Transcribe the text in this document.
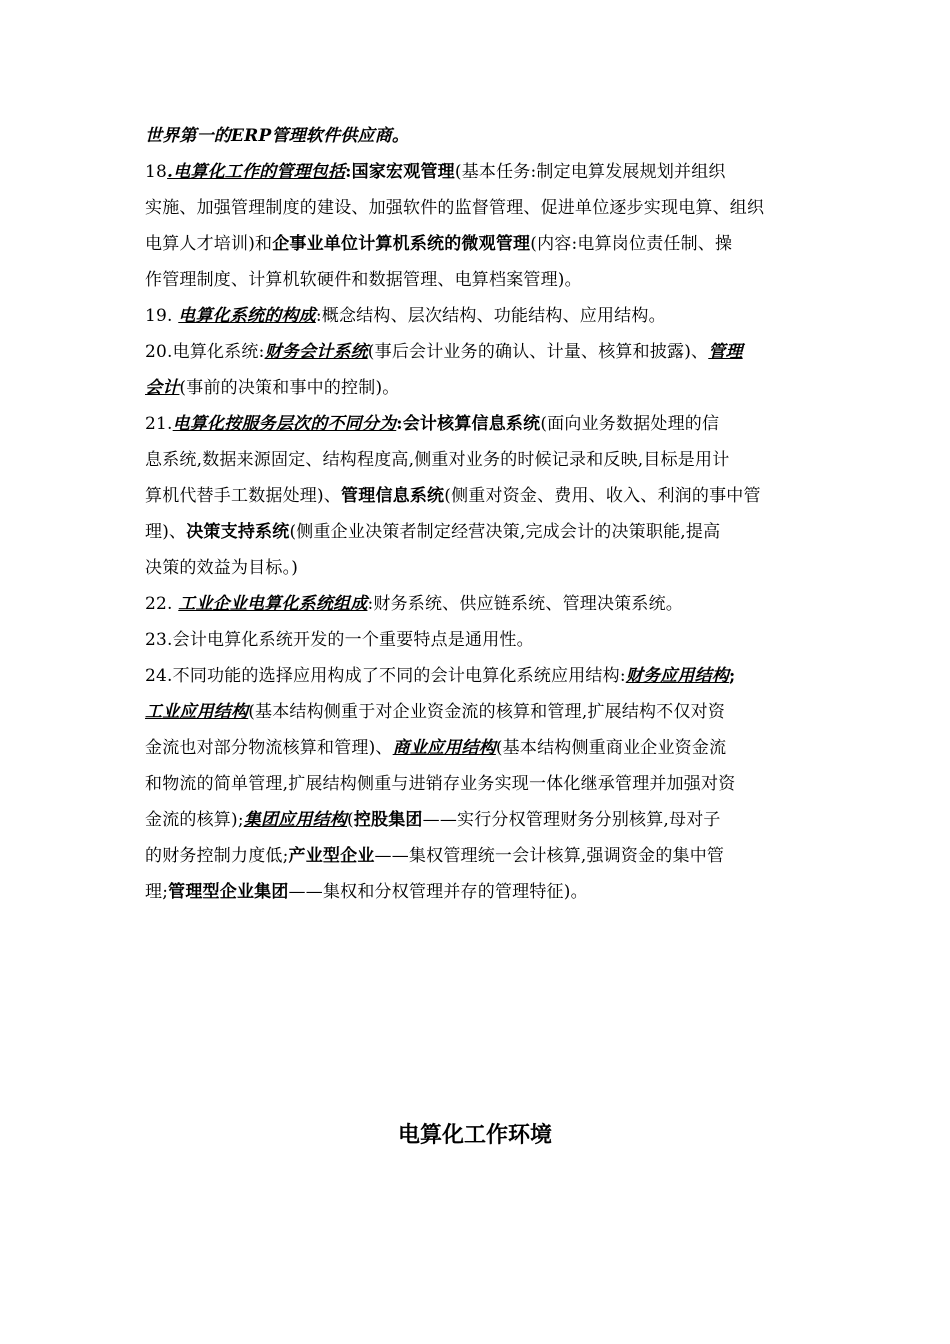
世界第一的ERP管理软件供应商。
18.电算化工作的管理包括:国家宏观管理(基本任务:制定电算发展规划并组织
实施、加强管理制度的建设、加强软件的监督管理、促进单位逐步实现电算、组织
电算人才培训)和企事业单位计算机系统的微观管理(内容:电算岗位责任制、操
作管理制度、计算机软硬件和数据管理、电算档案管理)。
19. 电算化系统的构成:概念结构、层次结构、功能结构、应用结构。
20.电算化系统:财务会计系统(事后会计业务的确认、计量、核算和披露)、管理
会计(事前的决策和事中的控制)。
21.电算化按服务层次的不同分为:会计核算信息系统(面向业务数据处理的信
息系统,数据来源固定、结构程度高,侧重对业务的时候记录和反映,目标是用计
算机代替手工数据处理)、管理信息系统(侧重对资金、费用、收入、利润的事中管
理)、决策支持系统(侧重企业决策者制定经营决策,完成会计的决策职能,提高
决策的效益为目标。)
22. 工业企业电算化系统组成:财务系统、供应链系统、管理决策系统。
23.会计电算化系统开发的一个重要特点是通用性。
24.不同功能的选择应用构成了不同的会计电算化系统应用结构:财务应用结构;
工业应用结构(基本结构侧重于对企业资金流的核算和管理,扩展结构不仅对资
金流也对部分物流核算和管理)、商业应用结构(基本结构侧重商业企业资金流
和物流的简单管理,扩展结构侧重与进销存业务实现一体化继承管理并加强对资
金流的核算);集团应用结构(控股集团——实行分权管理财务分别核算,母对子
的财务控制力度低;产业型企业——集权管理统一会计核算,强调资金的集中管
理;管理型企业集团——集权和分权管理并存的管理特征)。
电算化工作环境
